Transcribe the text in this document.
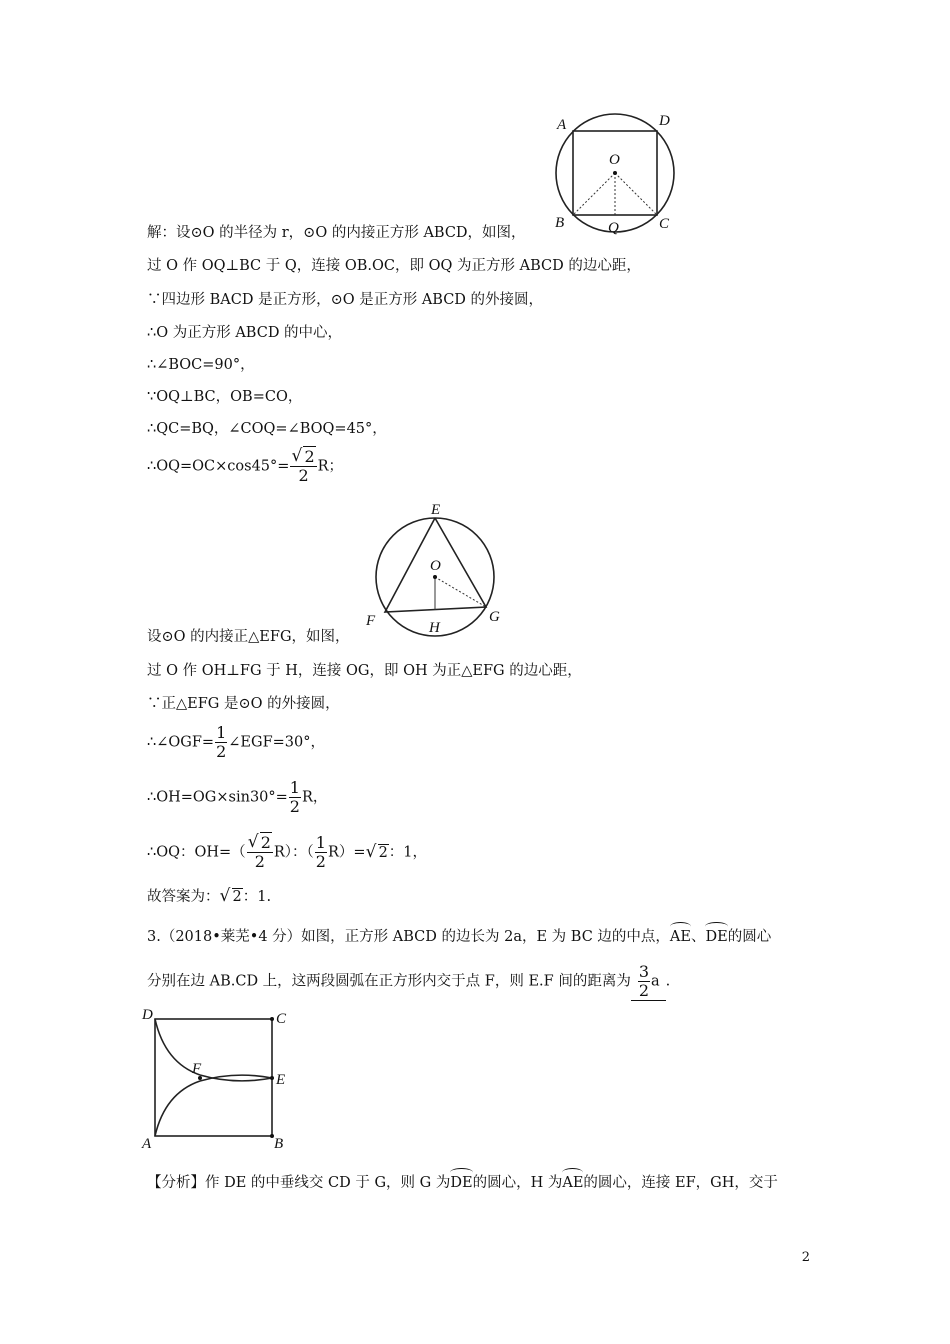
A	D
O
B	Q	C
解：设⊙O 的半径为 r，⊙O 的内接正方形 ABCD，如图，
过 O 作 OQ⊥BC 于 Q，连接 OB.OC，即 OQ 为正方形 ABCD 的边心距，
∵四边形 BACD 是正方形，⊙O 是正方形 ABCD 的外接圆，
∴O 为正方形 ABCD 的中心，
∴∠BOC=90°，
∵OQ⊥BC，OB=CO，
∴QC=BQ，∠COQ=∠BOQ=45°，
∴OQ=OC×cos45°=
√ $\frac{2}{2}$ R；
E
O
F	H
G
设⊙O 的内接正△EFG，如图，
过 O 作 OH⊥FG 于 H，连接 OG，即 OH 为正△EFG 的边心距，
∵正△EFG 是⊙O 的外接圆，
∴∠OGF= $\frac{1}{2}$ ∠EGF=30°，
∴OH=OG×sin30°= $\frac{1}{2}$ R，
∴OQ：OH=（
√ $\frac{2}{2} R$）：（ $\frac{1}{2} R)=√$ 2：1，
故答案为：√ 2：1.
3.（2018•莱芜•4 分）如图，正方形 ABCD 的边长为 2a，E 为 BC 边的中点，AE、DE的圆心
分别在边 AB.CD 上，这两段圆弧在正方形内交于点 F，则 E.F 间的距离为 $\frac{3}{2}$ a .
D	C
F
E
A	B
【分析】作 DE 的中垂线交 CD 于 G，则 G 为DE的圆心，H 为AE的圆心，连接 EF，GH，交于
2
